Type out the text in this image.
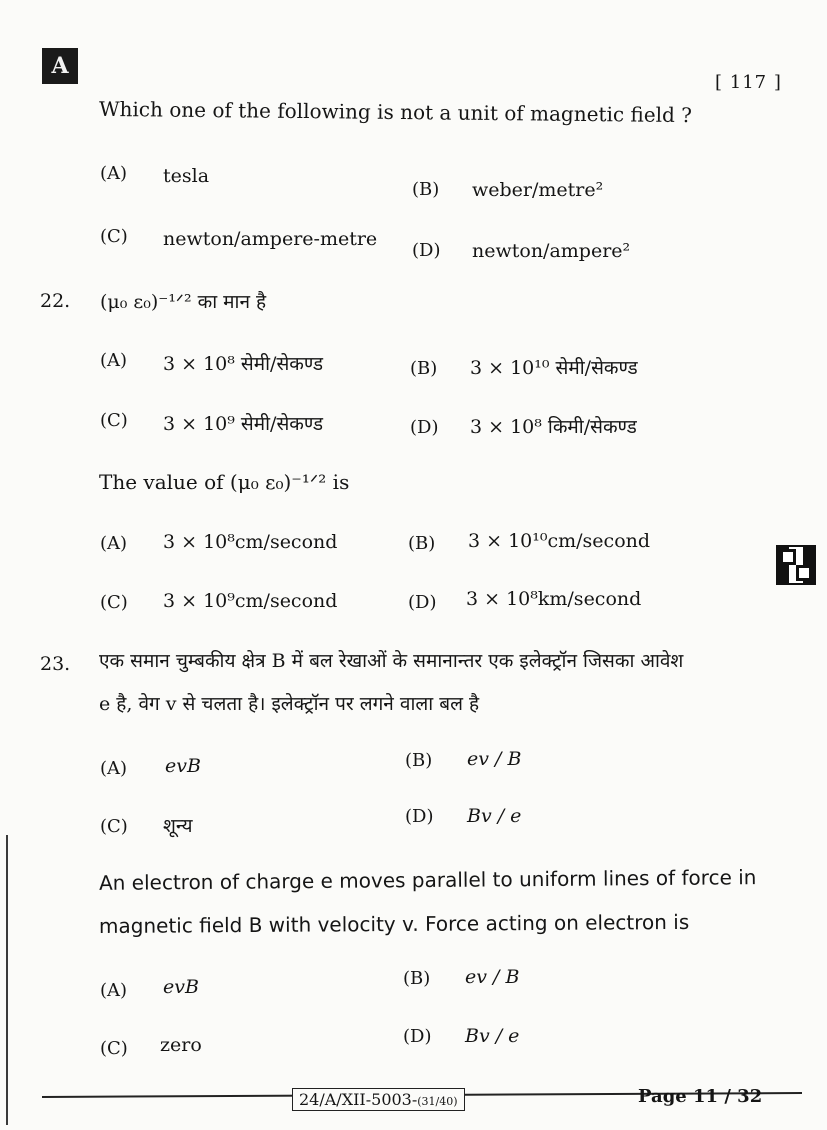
A
[ 117 ]
Which one of the following is not a unit of magnetic field ?
(A) tesla
(B) weber/metre²
(C) newton/ampere-metre
(D) newton/ampere²
22. (μ₀ ε₀)⁻¹ᐟ² का मान है
(A) 3 × 10⁸ सेमी/सेकण्ड	(B) 3 × 10¹⁰ सेमी/सेकण्ड
(C) 3 × 10⁹ सेमी/सेकण्ड	(D) 3 × 10⁸ किमी/सेकण्ड
The value of (μ₀ ε₀)⁻¹ᐟ² is
(A) 3 × 10⁸cm/second	(B) 3 × 10¹⁰cm/second
(C) 3 × 10⁹cm/second	(D) 3 × 10⁸km/second
23. एक समान चुम्बकीय क्षेत्र B में बल रेखाओं के समानान्तर एक इलेक्ट्रॉन जिसका आवेश
e है, वेग v से चलता है। इलेक्ट्रॉन पर लगने वाला बल है
(A) evB	(B) ev / B
(C) शून्य	(D) Bv / e
An electron of charge e moves parallel to uniform lines of force in
magnetic field B with velocity v. Force acting on electron is
(A) evB	(B) ev / B
(C) zero	(D) Bv / e
24/A/XII-5003-(31/40)	Page 11 / 32
